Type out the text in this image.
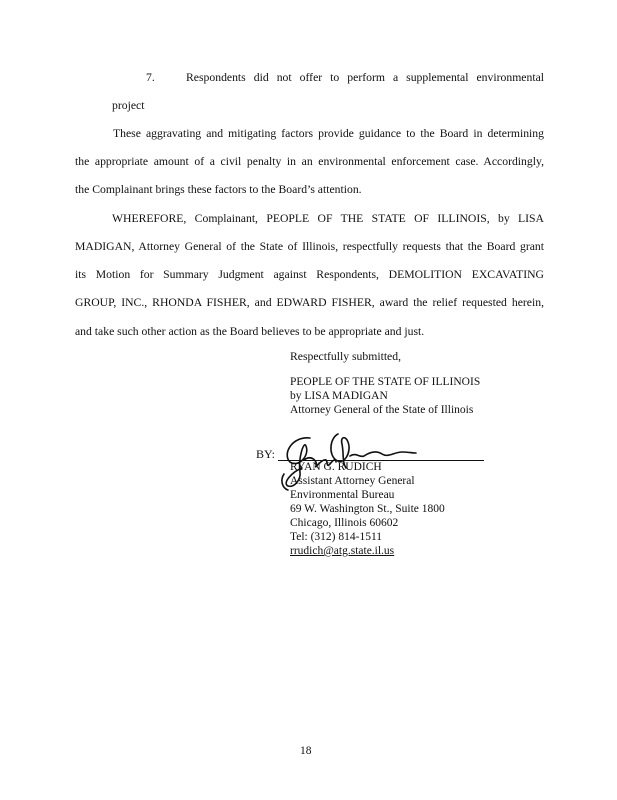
7.	Respondents did not offer to perform a supplemental environmental
project
These aggravating and mitigating factors provide guidance to the Board in determining
the appropriate amount of a civil penalty in an environmental enforcement case. Accordingly,
the Complainant brings these factors to the Board’s attention.
WHEREFORE, Complainant, PEOPLE OF THE STATE OF ILLINOIS, by LISA
MADIGAN, Attorney General of the State of Illinois, respectfully requests that the Board grant
its Motion for Summary Judgment against Respondents, DEMOLITION EXCAVATING
GROUP, INC., RHONDA FISHER, and EDWARD FISHER, award the relief requested herein,
and take such other action as the Board believes to be appropriate and just.
Respectfully submitted,
PEOPLE OF THE STATE OF ILLINOIS
by LISA MADIGAN
Attorney General of the State of Illinois
BY:
RYAN G. RUDICH
Assistant Attorney General
Environmental Bureau
69 W. Washington St., Suite 1800
Chicago, Illinois 60602
Tel: (312) 814-1511
rrudich@atg.state.il.us
18
